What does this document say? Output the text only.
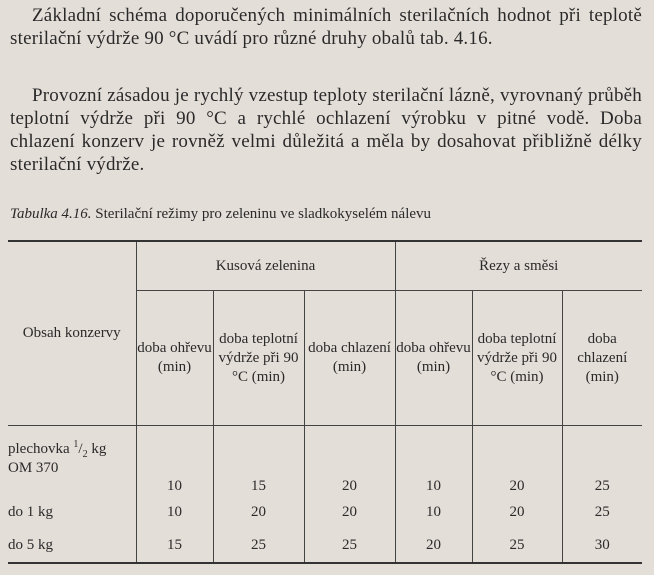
Základní schéma doporučených minimálních sterilačních hodnot při teplotě sterilační výdrže 90 °C uvádí pro různé druhy obalů tab. 4.16.

Provozní zásadou je rychlý vzestup teploty sterilační lázně, vyrovnaný průběh teplotní výdrže při 90 °C a rychlé ochlazení výrobku v pitné vodě. Doba chlazení konzerv je rovněž velmi důležitá a měla by dosahovat přibližně délky sterilační výdrže.

Tabulka 4.16. Sterilační režimy pro zeleninu ve sladkokyselém nálevu

Obsah konzervy	Kusová zelenina			Řezy a směsi		
	doba ohřevu (min)	doba teplotní výdrže při 90 °C (min)	doba chlazení (min)	doba ohřevu (min)	doba teplotní výdrže při 90 °C (min)	doba chlazení (min)
plechovka $^1/_2$ kg
OM 370	10	15	20	10	20	25
do 1 kg	10	20	20	10	20	25
do 5 kg	15	25	25	20	25	30
